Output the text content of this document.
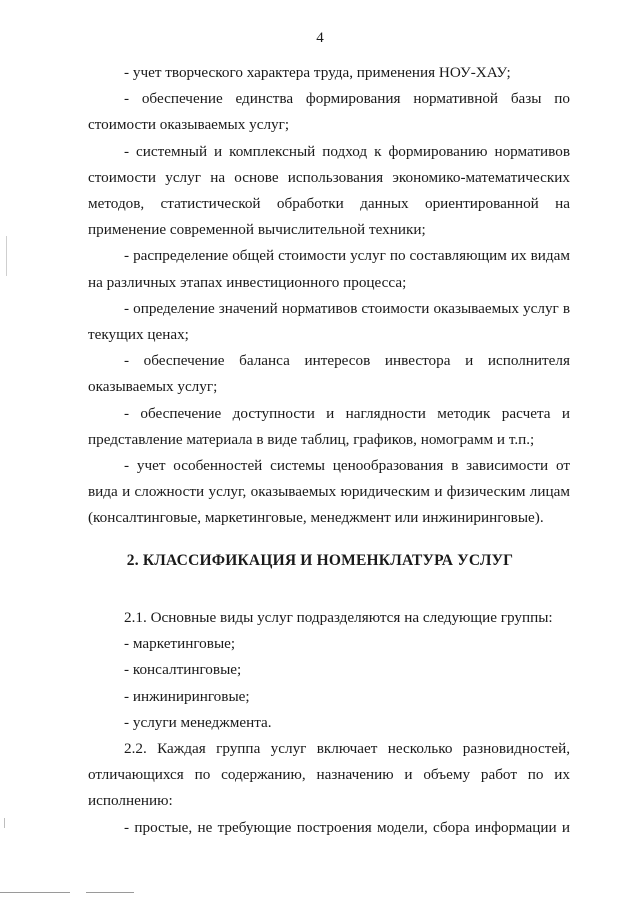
4

- учет творческого характера труда, применения НОУ-ХАУ;

- обеспечение единства формирования нормативной базы по стоимости оказываемых услуг;

- системный и комплексный подход к формированию нормативов стоимости услуг на основе использования экономико-математических методов, статистической обработки данных ориентированной на применение современной вычислительной техники;

- распределение общей стоимости услуг по составляющим их видам на различных этапах инвестиционного процесса;

- определение значений нормативов стоимости оказываемых услуг в текущих ценах;

- обеспечение баланса интересов инвестора и исполнителя оказываемых услуг;

- обеспечение доступности и наглядности методик расчета и представление материала в виде таблиц, графиков, номограмм и т.п.;

- учет особенностей системы ценообразования в зависимости от вида и сложности услуг, оказываемых юридическим и физическим лицам (консалтинговые, маркетинговые, менеджмент или инжиниринговые).

2. КЛАССИФИКАЦИЯ И НОМЕНКЛАТУРА УСЛУГ

2.1. Основные виды услуг подразделяются на следующие группы:

- маркетинговые;

- консалтинговые;

- инжиниринговые;

- услуги менеджмента.

2.2. Каждая группа услуг включает несколько разновидностей, отличающихся по содержанию, назначению и объему работ по их исполнению:

- простые, не требующие построения модели, сбора информации и
